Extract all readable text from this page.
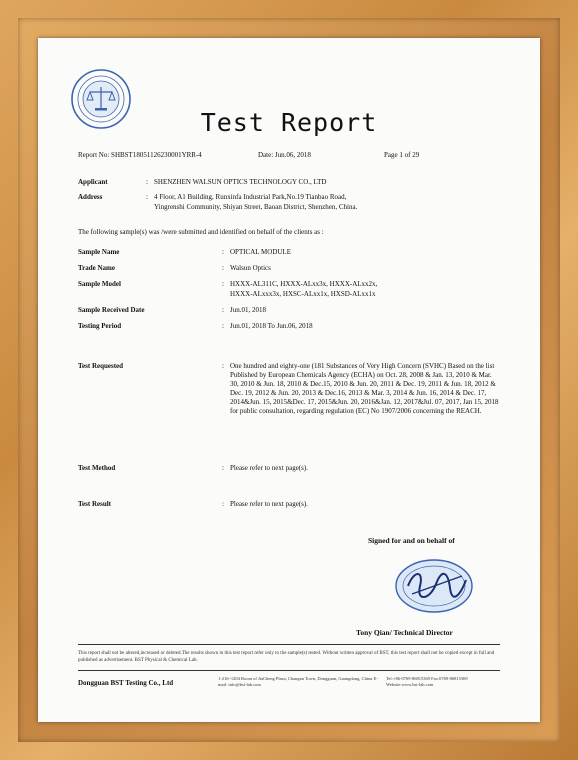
Test Report
Report No: SHBST18051126230001YRR-4	Date: Jun.06, 2018	Page 1 of 29
Applicant	: SHENZHEN WALSUN OPTICS TECHNOLOGY CO., LTD
Address	: 4 Floor, A1 Building, Runxinfa Industrial Park,No.19 Tianbao Road,
Yingrenshi Community, Shiyan Street, Baoan District, Shenzhen, China.
The following sample(s) was /were submitted and identified on behalf of the clients as :
Sample Name	: OPTICAL MODULE
Trade Name	: Walsun Optics
Sample Model	: HXXX-AL311C, HXXX-ALxx3x, HXXX-ALxx2x,
HXXX-ALxxx3x, HXSC-ALxx1x, HXSD-ALxx1x
Sample Received Date	: Jun.01, 2018
Testing Period	: Jun.01, 2018 To Jun.06, 2018
Test Requested	: One hundred and eighty-one (181 Substances of Very High Concern (SVHC) Based on the list Published by European Chemicals Agency (ECHA) on Oct. 28, 2008 & Jan. 13, 2010 & Mar. 30, 2010 & Jun. 18, 2010 & Dec.15, 2010 & Jun. 20, 2011 & Dec. 19, 2011 & Jun. 18, 2012 & Dec. 19, 2012 & Jun. 20, 2013 & Dec.16, 2013 & Mar. 3, 2014 & Jun. 16, 2014 & Dec. 17, 2014&Jun. 15, 2015&Dec. 17, 2015&Jun. 20, 2016&Jan. 12, 2017&Jul. 07, 2017, Jan 15, 2018 for public consultation, regarding regulation (EC) No 1907/2006 concerning the REACH.
Test Method	: Please refer to next page(s).
Test Result	: Please refer to next page(s).
Signed for and on behalf of
Tony Qian/ Technical Director
This report shall not be altered,increased or deleted.The results shown in this test report refer only to the sample(s) tested. Without written approval of BST, this test report shall not be copied except in full and published as advertisement. BST Physical & Chemical Lab.
Dongguan BST Testing Co., Ltd
1-216~1204 Room of JiaCheng Plaza, Changan Town, Dongguan, Guangdong, China E-mail: info@bst-lab.com
Tel:+86-0769-86815369 Fax:0769-86815369 Website:www.bst-lab.com
